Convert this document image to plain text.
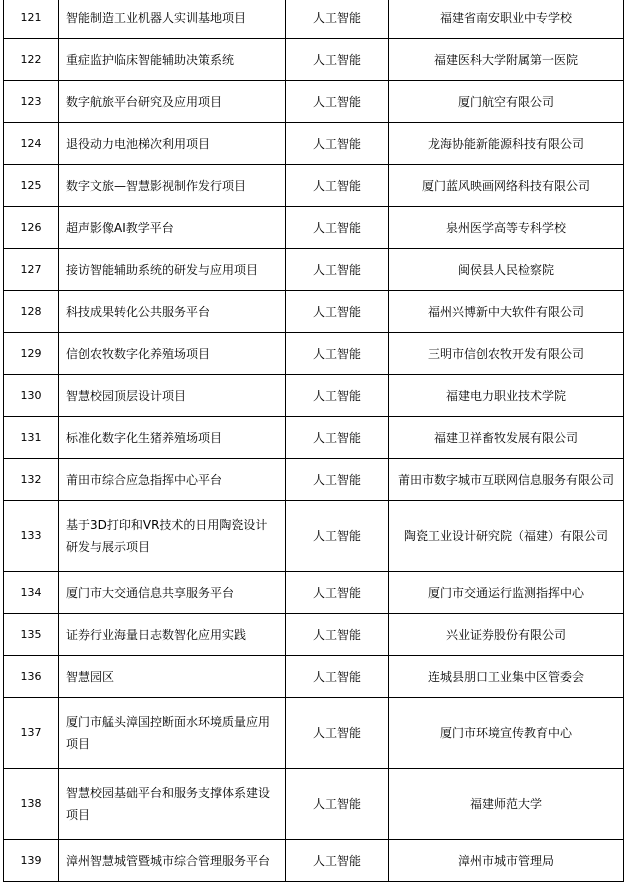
121	智能制造工业机器人实训基地项目	人工智能	福建省南安职业中专学校
122	重症监护临床智能辅助决策系统	人工智能	福建医科大学附属第一医院
123	数字航旅平台研究及应用项目	人工智能	厦门航空有限公司
124	退役动力电池梯次利用项目	人工智能	龙海协能新能源科技有限公司
125	数字文旅—智慧影视制作发行项目	人工智能	厦门蓝风映画网络科技有限公司
126	超声影像AI教学平台	人工智能	泉州医学高等专科学校
127	接访智能辅助系统的研发与应用项目	人工智能	闽侯县人民检察院
128	科技成果转化公共服务平台	人工智能	福州兴博新中大软件有限公司
129	信创农牧数字化养殖场项目	人工智能	三明市信创农牧开发有限公司
130	智慧校园顶层设计项目	人工智能	福建电力职业技术学院
131	标准化数字化生猪养殖场项目	人工智能	福建卫祥畜牧发展有限公司
132	莆田市综合应急指挥中心平台	人工智能	莆田市数字城市互联网信息服务有限公司
133	基于3D打印和VR技术的日用陶瓷设计研发与展示项目	人工智能	陶瓷工业设计研究院（福建）有限公司
134	厦门市大交通信息共享服务平台	人工智能	厦门市交通运行监测指挥中心
135	证券行业海量日志数智化应用实践	人工智能	兴业证券股份有限公司
136	智慧园区	人工智能	连城县朋口工业集中区管委会
137	厦门市艋头漳国控断面水环境质量应用项目	人工智能	厦门市环境宣传教育中心
138	智慧校园基础平台和服务支撑体系建设项目	人工智能	福建师范大学
139	漳州智慧城管暨城市综合管理服务平台	人工智能	漳州市城市管理局
